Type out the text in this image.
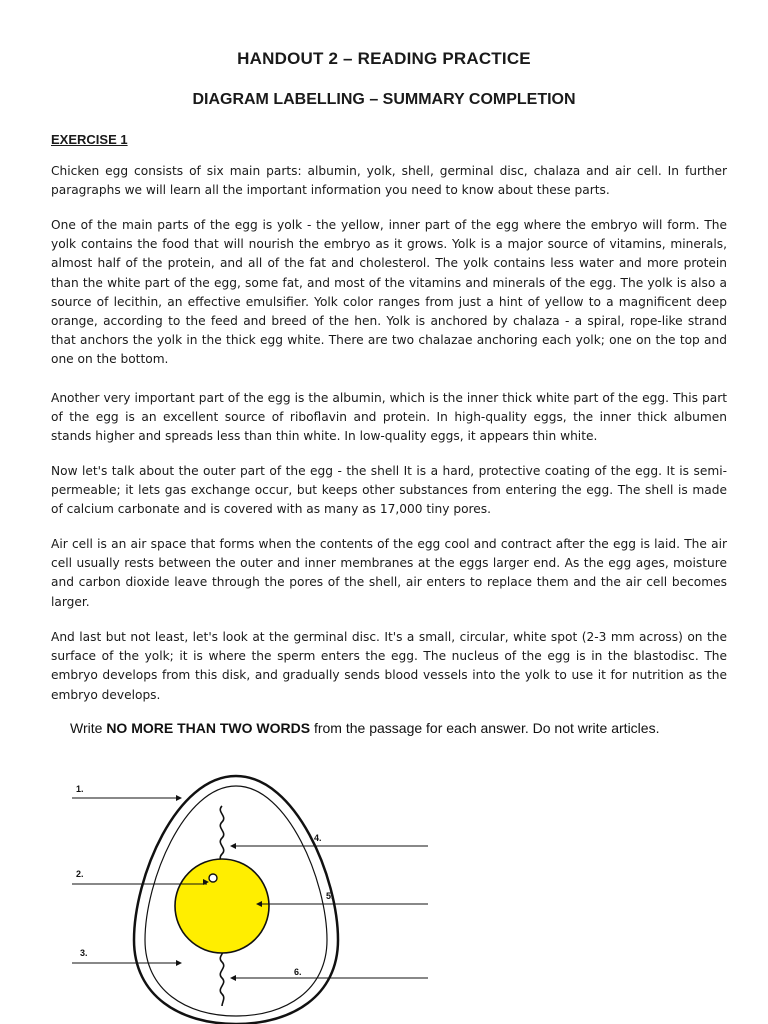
HANDOUT 2 – READING PRACTICE
DIAGRAM LABELLING – SUMMARY COMPLETION
EXERCISE 1

Chicken egg consists of six main parts: albumin, yolk, shell, germinal disc, chalaza and air cell. In further paragraphs we will learn all the important information you need to know about these parts.

One of the main parts of the egg is yolk - the yellow, inner part of the egg where the embryo will form. The yolk contains the food that will nourish the embryo as it grows. Yolk is a major source of vitamins, minerals, almost half of the protein, and all of the fat and cholesterol. The yolk contains less water and more protein than the white part of the egg, some fat, and most of the vitamins and minerals of the egg. The yolk is also a source of lecithin, an effective emulsifier. Yolk color ranges from just a hint of yellow to a magnificent deep orange, according to the feed and breed of the hen. Yolk is anchored by chalaza - a spiral, rope-like strand that anchors the yolk in the thick egg white. There are two chalazae anchoring each yolk; one on the top and one on the bottom.

Another very important part of the egg is the albumin, which is the inner thick white part of the egg. This part of the egg is an excellent source of riboflavin and protein. In high-quality eggs, the inner thick albumen stands higher and spreads less than thin white. In low-quality eggs, it appears thin white.

Now let's talk about the outer part of the egg - the shell It is a hard, protective coating of the egg. It is semi-permeable; it lets gas exchange occur, but keeps other substances from entering the egg. The shell is made of calcium carbonate and is covered with as many as 17,000 tiny pores.

Air cell is an air space that forms when the contents of the egg cool and contract after the egg is laid. The air cell usually rests between the outer and inner membranes at the eggs larger end. As the egg ages, moisture and carbon dioxide leave through the pores of the shell, air enters to replace them and the air cell becomes larger.

And last but not least, let's look at the germinal disc. It's a small, circular, white spot (2-3 mm across) on the surface of the yolk; it is where the sperm enters the egg. The nucleus of the egg is in the blastodisc. The embryo develops from this disk, and gradually sends blood vessels into the yolk to use it for nutrition as the embryo develops.

Write NO MORE THAN TWO WORDS from the passage for each answer. Do not write articles.
1.
2.
3.
4.
5.
6.
